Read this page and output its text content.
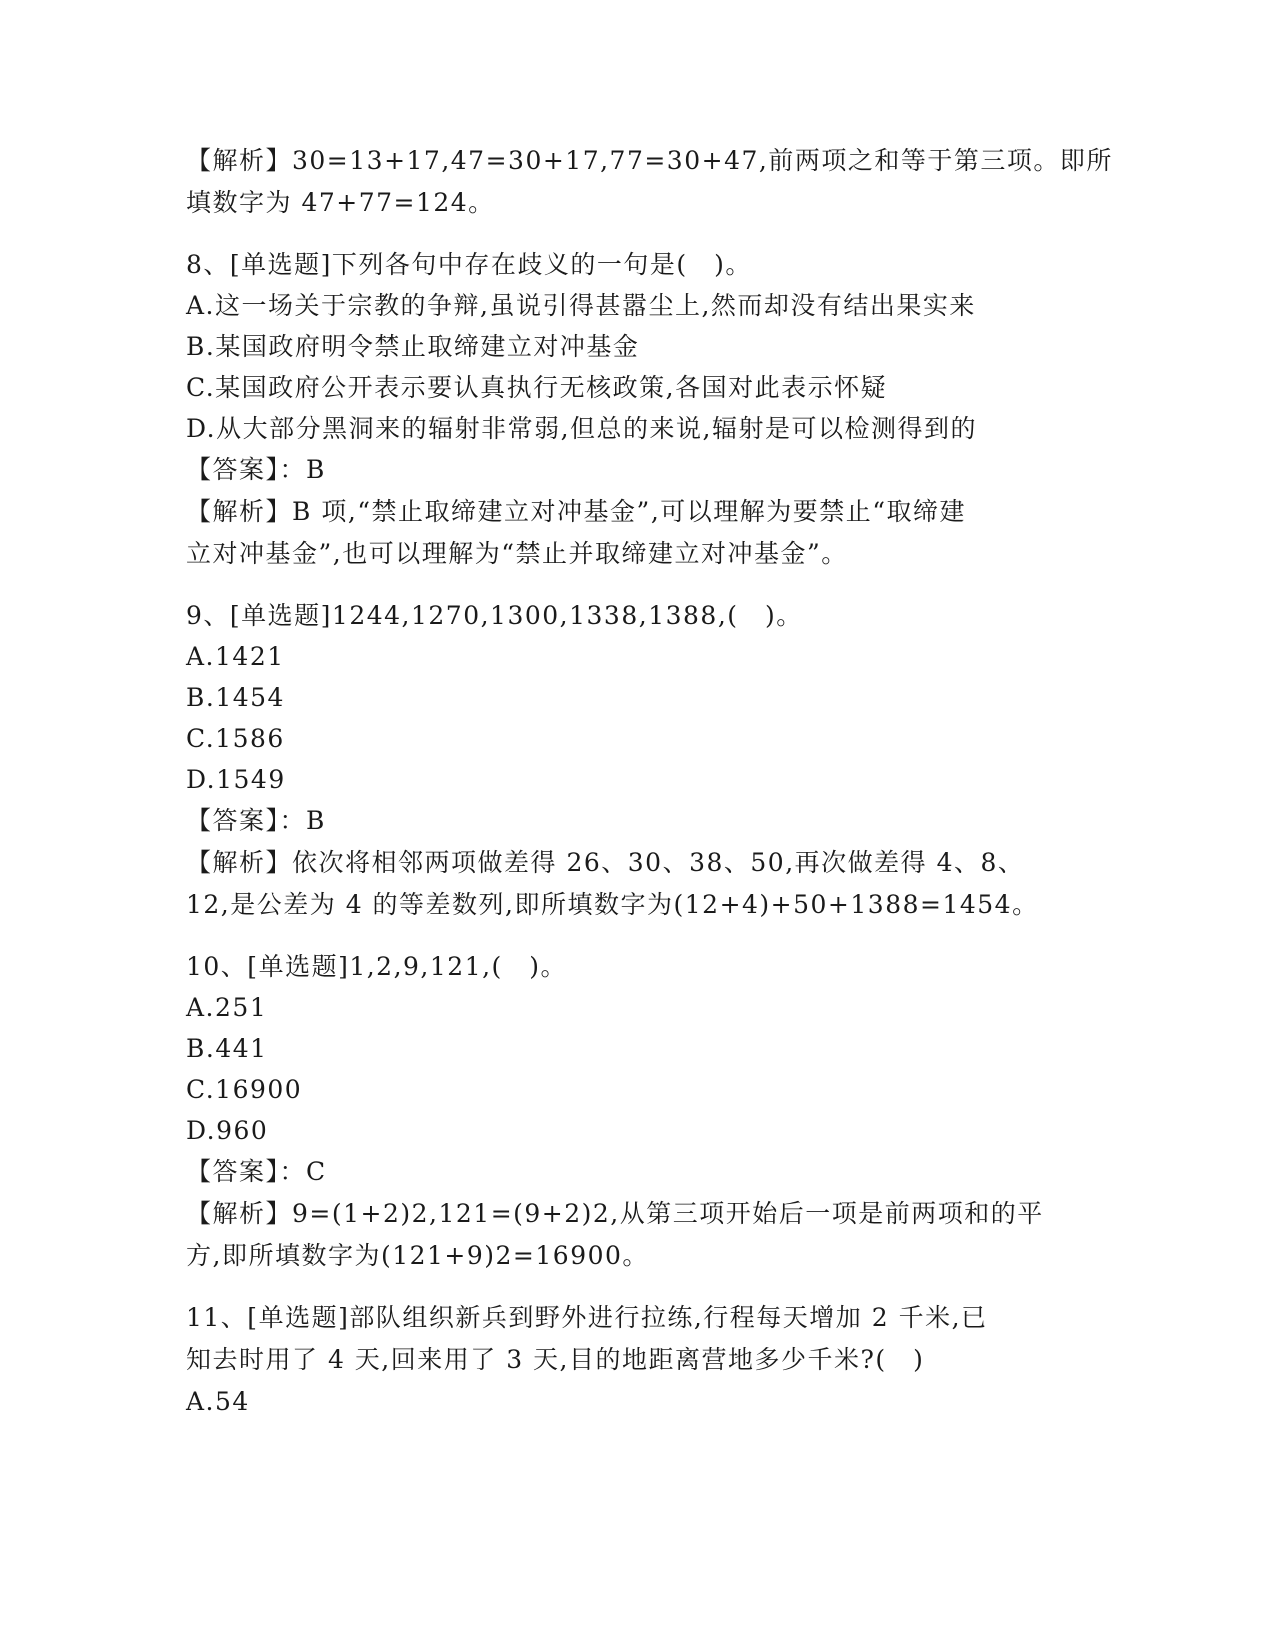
【解析】30=13+17,47=30+17,77=30+47,前两项之和等于第三项。即所
填数字为 47+77=124。
8、[单选题]下列各句中存在歧义的一句是(　)。
A.这一场关于宗教的争辩,虽说引得甚嚣尘上,然而却没有结出果实来
B.某国政府明令禁止取缔建立对冲基金
C.某国政府公开表示要认真执行无核政策,各国对此表示怀疑
D.从大部分黑洞来的辐射非常弱,但总的来说,辐射是可以检测得到的
【答案】：B
【解析】B 项,“禁止取缔建立对冲基金”,可以理解为要禁止“取缔建
立对冲基金”,也可以理解为“禁止并取缔建立对冲基金”。
9、[单选题]1244,1270,1300,1338,1388,(　)。
A.1421
B.1454
C.1586
D.1549
【答案】：B
【解析】依次将相邻两项做差得 26、30、38、50,再次做差得 4、8、
12,是公差为 4 的等差数列,即所填数字为(12+4)+50+1388=1454。
10、[单选题]1,2,9,121,(　)。
A.251
B.441
C.16900
D.960
【答案】：C
【解析】9=(1+2)2,121=(9+2)2,从第三项开始后一项是前两项和的平
方,即所填数字为(121+9)2=16900。
11、[单选题]部队组织新兵到野外进行拉练,行程每天增加 2 千米,已
知去时用了 4 天,回来用了 3 天,目的地距离营地多少千米?(　)
A.54
